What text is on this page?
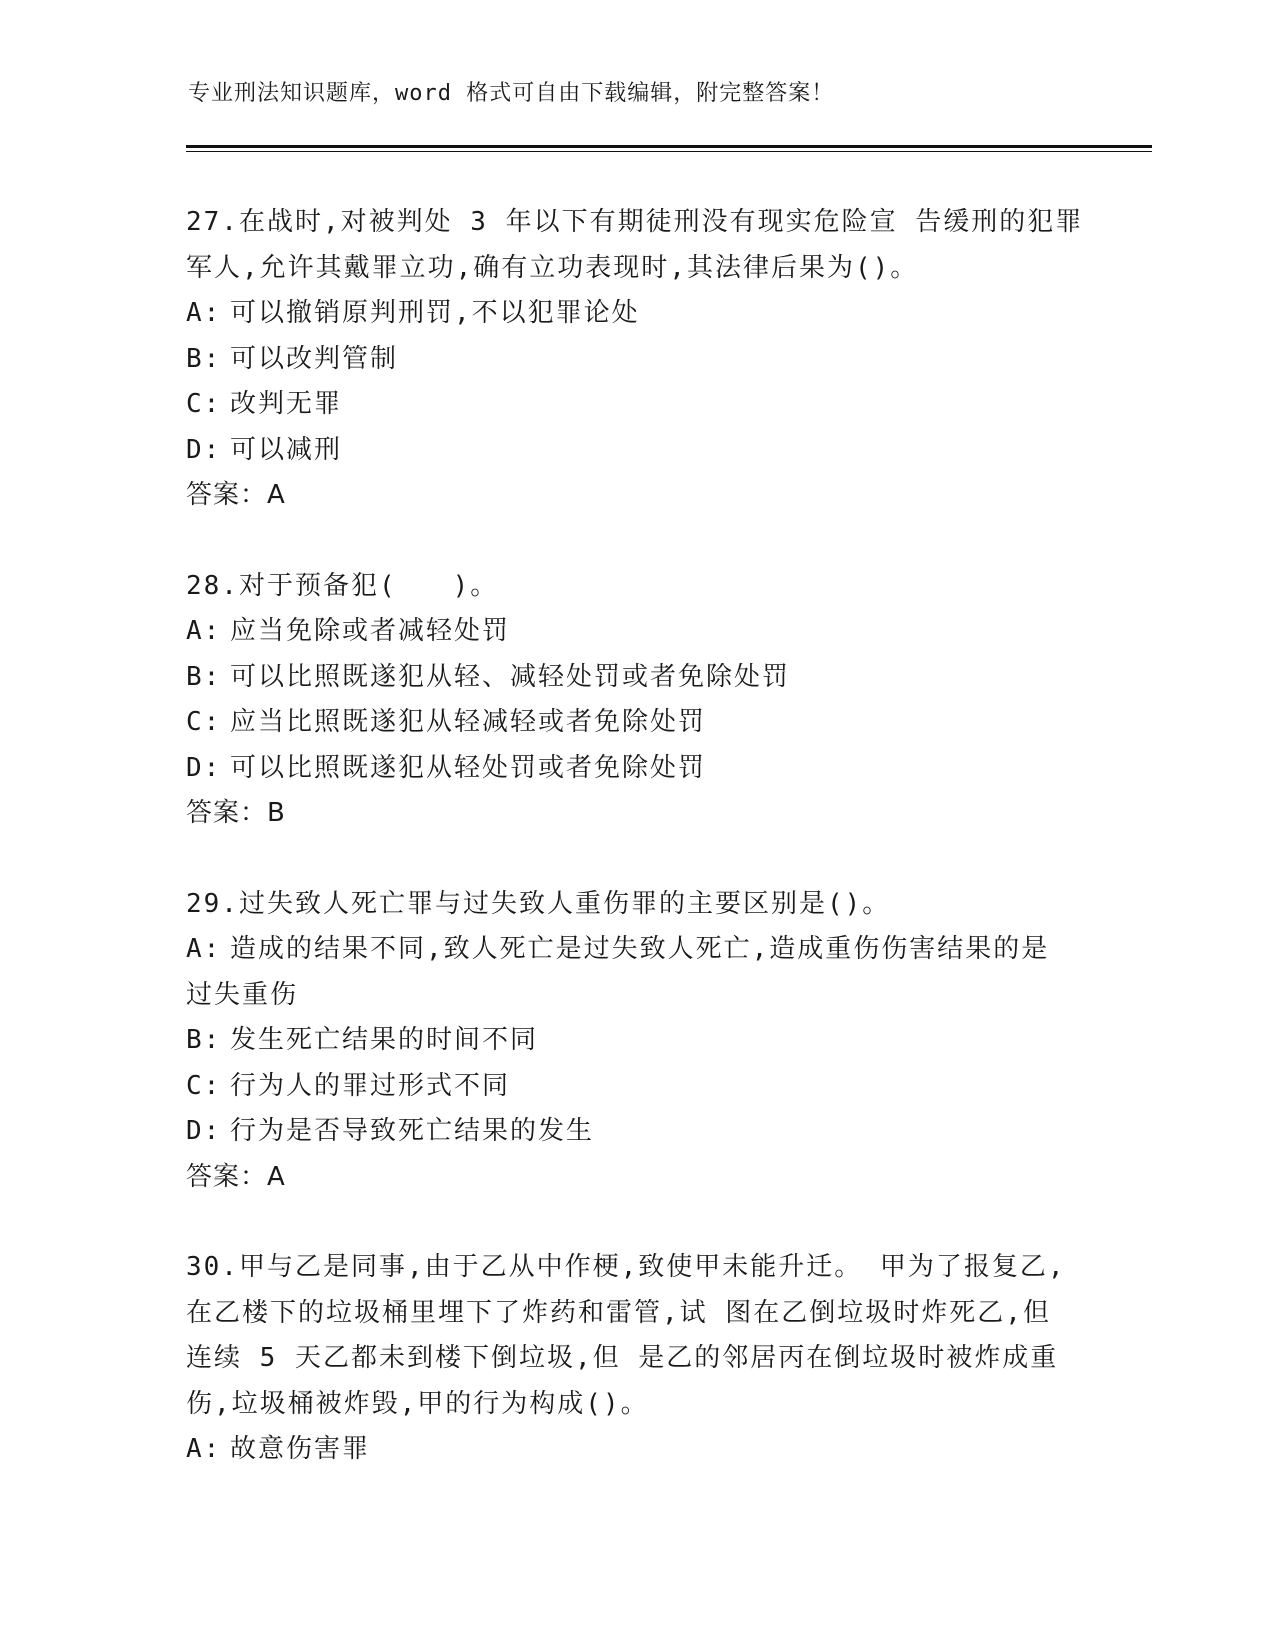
专业刑法知识题库，word 格式可自由下载编辑，附完整答案！
27.在战时,对被判处 3 年以下有期徒刑没有现实危险宣 告缓刑的犯罪
军人,允许其戴罪立功,确有立功表现时,其法律后果为()。
A: 可以撤销原判刑罚,不以犯罪论处
B: 可以改判管制
C: 改判无罪
D: 可以减刑
答案：A
28.对于预备犯(　　)。
A: 应当免除或者减轻处罚
B: 可以比照既遂犯从轻、减轻处罚或者免除处罚
C: 应当比照既遂犯从轻减轻或者免除处罚
D: 可以比照既遂犯从轻处罚或者免除处罚
答案：B
29.过失致人死亡罪与过失致人重伤罪的主要区别是()。
A: 造成的结果不同,致人死亡是过失致人死亡,造成重伤伤害结果的是
过失重伤
B: 发生死亡结果的时间不同
C: 行为人的罪过形式不同
D: 行为是否导致死亡结果的发生
答案：A
30.甲与乙是同事,由于乙从中作梗,致使甲未能升迁。 甲为了报复乙,
在乙楼下的垃圾桶里埋下了炸药和雷管,试 图在乙倒垃圾时炸死乙,但
连续 5 天乙都未到楼下倒垃圾,但 是乙的邻居丙在倒垃圾时被炸成重
伤,垃圾桶被炸毁,甲的行为构成()。
A: 故意伤害罪
